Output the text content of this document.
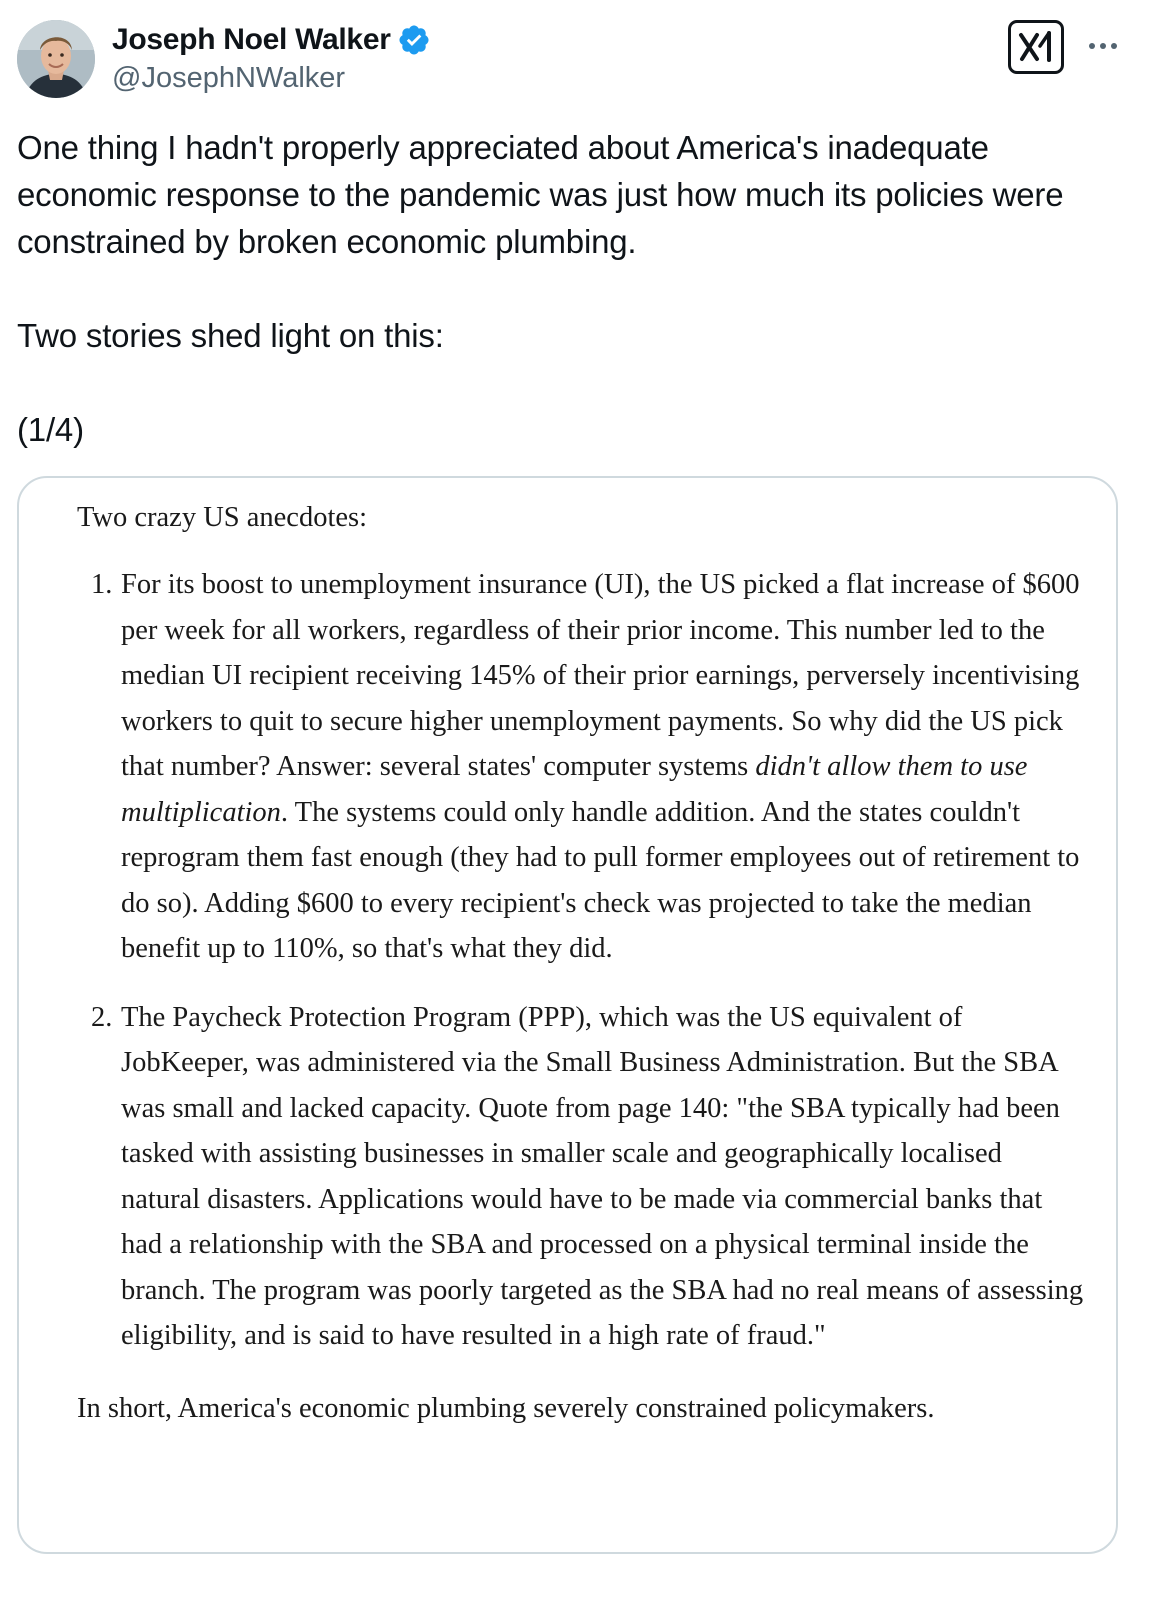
Joseph Noel Walker
@JosephNWalker

One thing I hadn't properly appreciated about America's inadequate economic response to the pandemic was just how much its policies were constrained by broken economic plumbing.

Two stories shed light on this:

(1/4)

Two crazy US anecdotes:

1. For its boost to unemployment insurance (UI), the US picked a flat increase of $600 per week for all workers, regardless of their prior income. This number led to the median UI recipient receiving 145% of their prior earnings, perversely incentivising workers to quit to secure higher unemployment payments. So why did the US pick that number? Answer: several states' computer systems didn't allow them to use multiplication. The systems could only handle addition. And the states couldn't reprogram them fast enough (they had to pull former employees out of retirement to do so). Adding $600 to every recipient's check was projected to take the median benefit up to 110%, so that's what they did.
2. The Paycheck Protection Program (PPP), which was the US equivalent of JobKeeper, was administered via the Small Business Administration. But the SBA was small and lacked capacity. Quote from page 140: "the SBA typically had been tasked with assisting businesses in smaller scale and geographically localised natural disasters. Applications would have to be made via commercial banks that had a relationship with the SBA and processed on a physical terminal inside the branch. The program was poorly targeted as the SBA had no real means of assessing eligibility, and is said to have resulted in a high rate of fraud."

In short, America's economic plumbing severely constrained policymakers.
